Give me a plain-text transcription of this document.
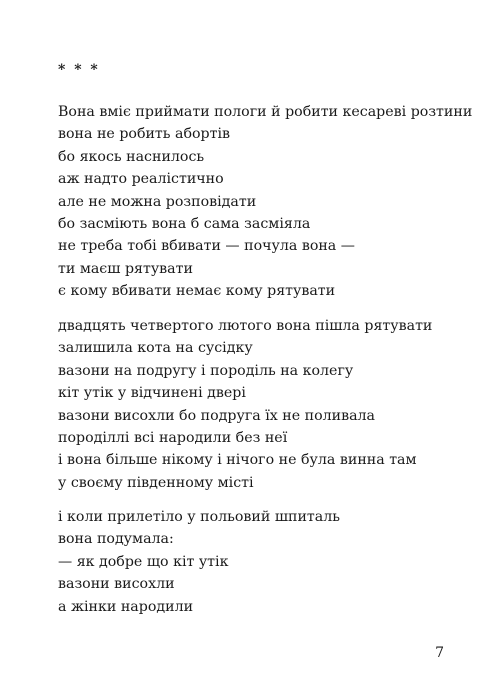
* * *
Вона вміє приймати пологи й робити кесареві розтини
вона не робить абортів
бо якось наснилось
аж надто реалістично
але не можна розповідати
бо засміють вона б сама засміяла
не треба тобі вбивати — почула вона —
ти маєш рятувати
є кому вбивати немає кому рятувати
двадцять четвертого лютого вона пішла рятувати
залишила кота на сусідку
вазони на подругу і породіль на колегу
кіт утік у відчинені двері
вазони висохли бо подруга їх не поливала
породіллі всі народили без неї
і вона більше нікому і нічого не була винна там
у своєму південному місті
і коли прилетіло у польовий шпиталь
вона подумала:
— як добре що кіт утік
вазони висохли
а жінки народили
7
